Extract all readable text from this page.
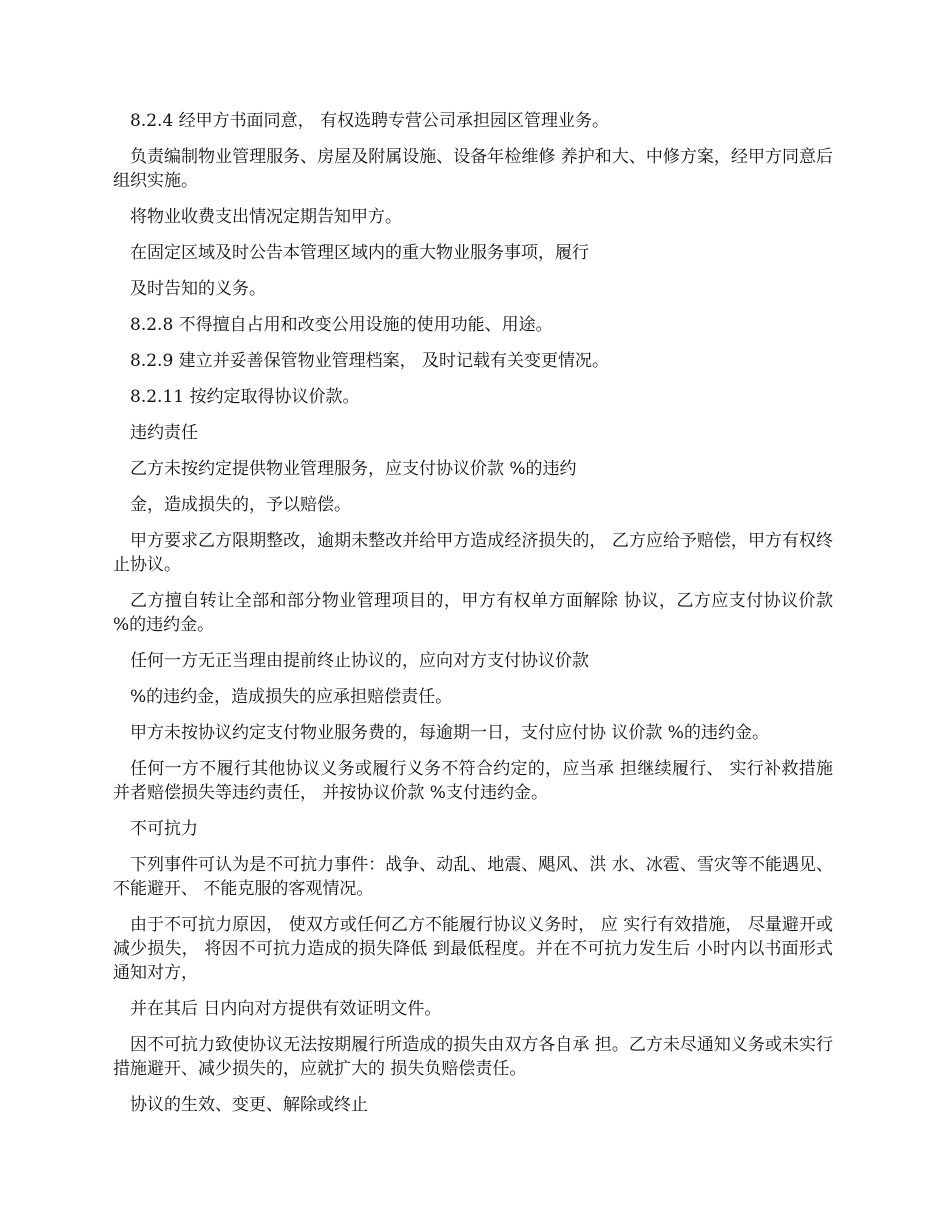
8.2.4 经甲方书面同意， 有权选聘专营公司承担园区管理业务。

负责编制物业管理服务、房屋及附属设施、设备年检维修 养护和大、中修方案，经甲方同意后组织实施。

将物业收费支出情况定期告知甲方。

在固定区域及时公告本管理区域内的重大物业服务事项，履行

及时告知的义务。

8.2.8 不得擅自占用和改变公用设施的使用功能、用途。

8.2.9 建立并妥善保管物业管理档案， 及时记载有关变更情况。

8.2.11 按约定取得协议价款。

违约责任

乙方未按约定提供物业管理服务，应支付协议价款 %的违约

金，造成损失的，予以赔偿。

甲方要求乙方限期整改，逾期未整改并给甲方造成经济损失的， 乙方应给予赔偿，甲方有权终止协议。

乙方擅自转让全部和部分物业管理项目的，甲方有权单方面解除 协议，乙方应支付协议价款 %的违约金。

任何一方无正当理由提前终止协议的，应向对方支付协议价款

%的违约金，造成损失的应承担赔偿责任。

甲方未按协议约定支付物业服务费的，每逾期一日，支付应付协 议价款 %的违约金。

任何一方不履行其他协议义务或履行义务不符合约定的，应当承 担继续履行、 实行补救措施并者赔偿损失等违约责任， 并按协议价款 %支付违约金。

不可抗力

下列事件可认为是不可抗力事件：战争、动乱、地震、飓风、洪 水、冰雹、雪灾等不能遇见、 不能避开、 不能克服的客观情况。

由于不可抗力原因， 使双方或任何乙方不能履行协议义务时， 应 实行有效措施， 尽量避开或减少损失， 将因不可抗力造成的损失降低 到最低程度。并在不可抗力发生后 小时内以书面形式通知对方，

并在其后 日内向对方提供有效证明文件。

因不可抗力致使协议无法按期履行所造成的损失由双方各自承 担。乙方未尽通知义务或未实行措施避开、减少损失的，应就扩大的 损失负赔偿责任。

协议的生效、变更、解除或终止
